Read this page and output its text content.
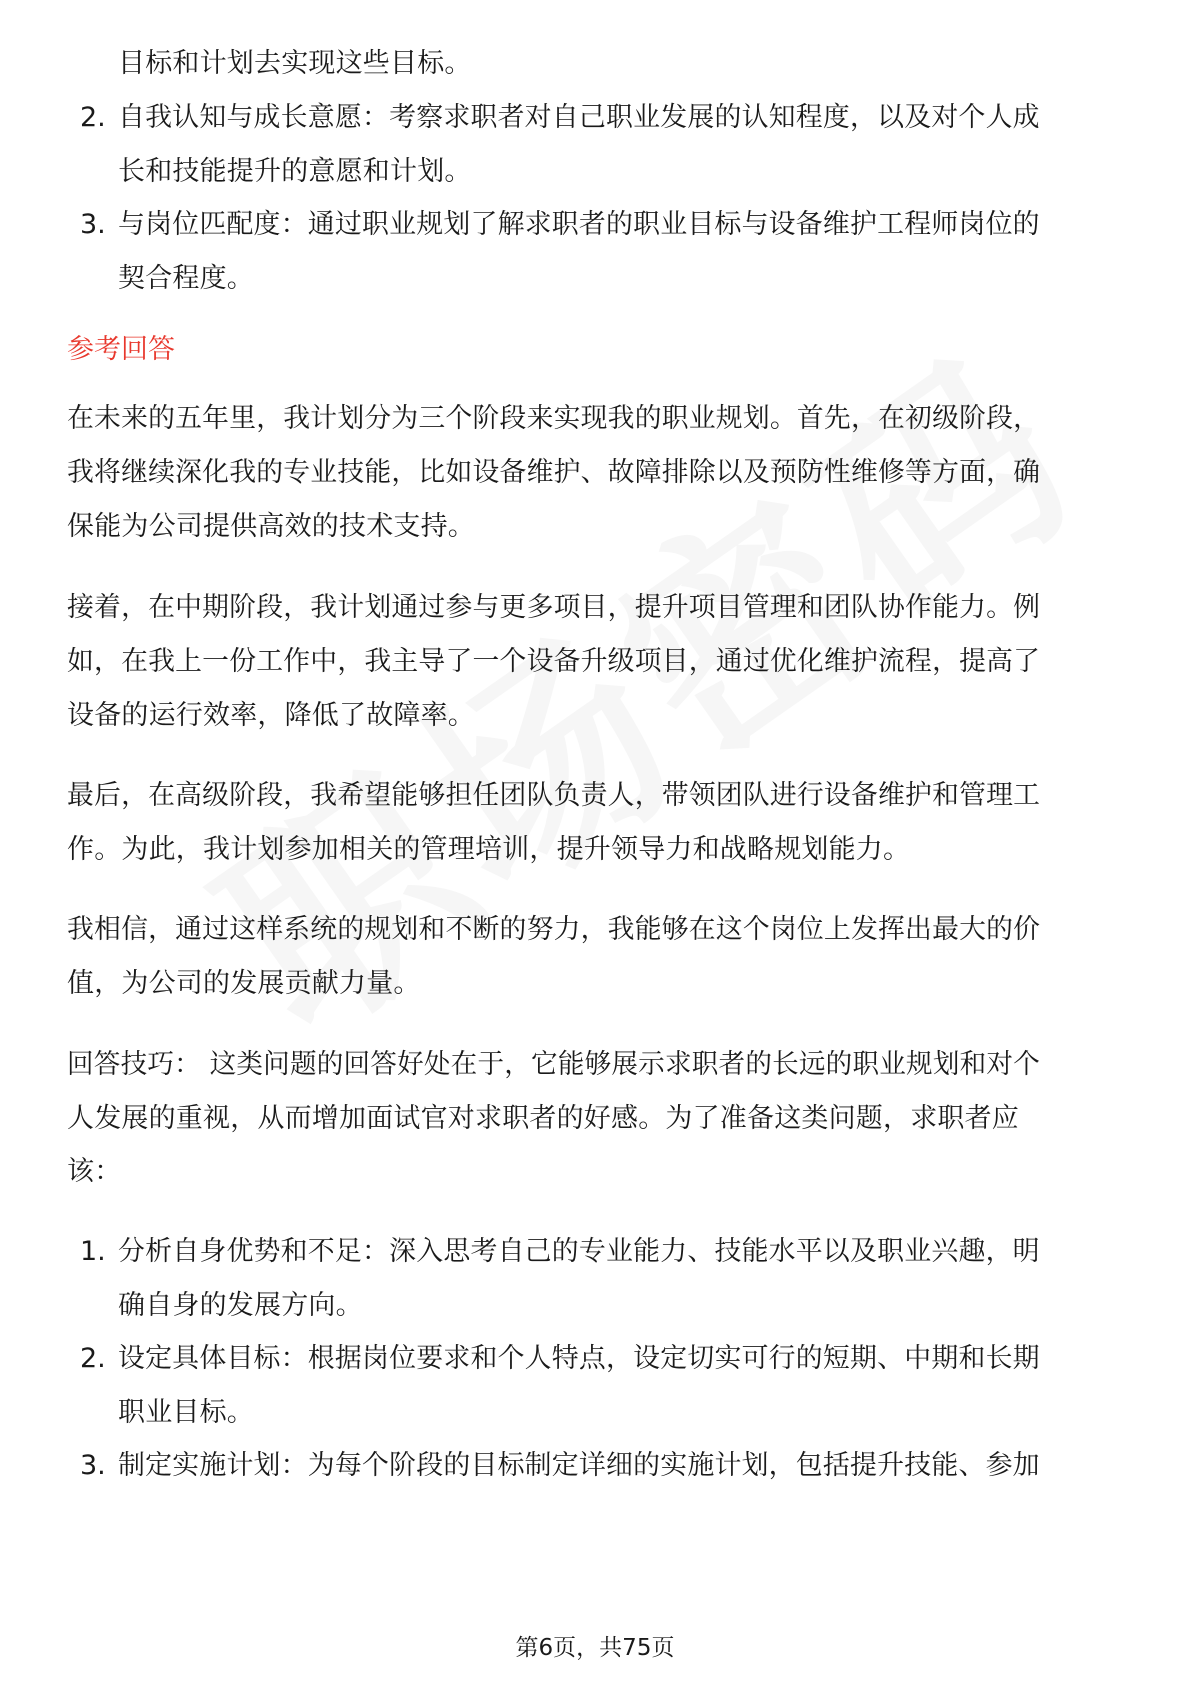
目标和计划去实现这些目标。
2. 自我认知与成长意愿：考察求职者对自己职业发展的认知程度，以及对个人成
长和技能提升的意愿和计划。
3. 与岗位匹配度：通过职业规划了解求职者的职业目标与设备维护工程师岗位的
契合程度。
参考回答
在未来的五年里，我计划分为三个阶段来实现我的职业规划。首先，在初级阶段，
我将继续深化我的专业技能，比如设备维护、故障排除以及预防性维修等方面，确
保能为公司提供高效的技术支持。
接着，在中期阶段，我计划通过参与更多项目，提升项目管理和团队协作能力。例
如，在我上一份工作中，我主导了一个设备升级项目，通过优化维护流程，提高了
设备的运行效率，降低了故障率。
最后，在高级阶段，我希望能够担任团队负责人，带领团队进行设备维护和管理工
作。为此，我计划参加相关的管理培训，提升领导力和战略规划能力。
我相信，通过这样系统的规划和不断的努力，我能够在这个岗位上发挥出最大的价
值，为公司的发展贡献力量。
回答技巧： 这类问题的回答好处在于，它能够展示求职者的长远的职业规划和对个
人发展的重视，从而增加面试官对求职者的好感。为了准备这类问题，求职者应
该：
1. 分析自身优势和不足：深入思考自己的专业能力、技能水平以及职业兴趣，明
确自身的发展方向。
2. 设定具体目标：根据岗位要求和个人特点，设定切实可行的短期、中期和长期
职业目标。
3. 制定实施计划：为每个阶段的目标制定详细的实施计划，包括提升技能、参加
第6页，共75页
